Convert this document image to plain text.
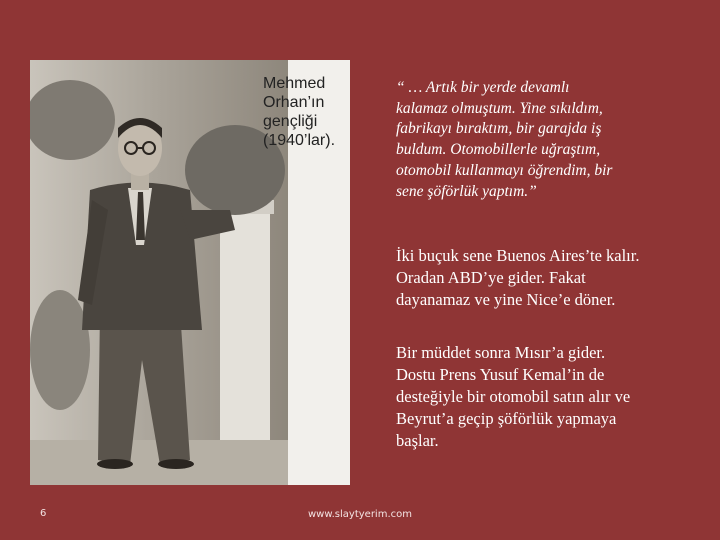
Mehmed
Orhan’ın
gençliği
(1940’lar).

“ … Artık bir yerde devamlı
kalamaz olmuştum. Yine sıkıldım,
fabrikayı bıraktım, bir garajda iş
buldum. Otomobillerle uğraştım,
otomobil kullanmayı öğrendim, bir
sene şöförlük yaptım.”

İki buçuk sene Buenos Aires’te kalır.
Oradan ABD’ye gider. Fakat
dayanamaz ve yine Nice’e döner.

Bir müddet sonra Mısır’a gider.
Dostu Prens Yusuf Kemal’in de
desteğiyle bir otomobil satın alır ve
Beyrut’a geçip şöförlük yapmaya
başlar.

6	www.slaytyerim.com
